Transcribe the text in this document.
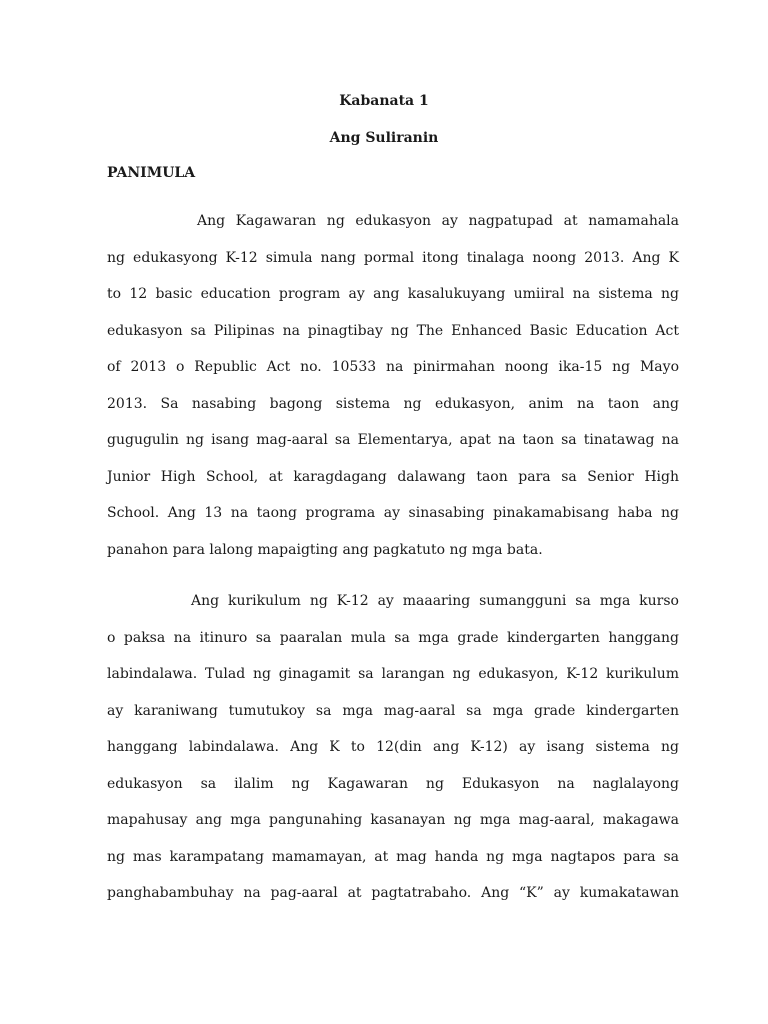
Kabanata 1
Ang Suliranin
PANIMULA
Ang Kagawaran ng edukasyon ay nagpatupad at namamahala
ng edukasyong K-12 simula nang pormal itong tinalaga noong 2013. Ang K
to 12 basic education program ay ang kasalukuyang umiiral na sistema ng
edukasyon sa Pilipinas na pinagtibay ng The Enhanced Basic Education Act
of 2013 o Republic Act no. 10533 na pinirmahan noong ika-15 ng Mayo
2013. Sa nasabing bagong sistema ng edukasyon, anim na taon ang
gugugulin ng isang mag-aaral sa Elementarya, apat na taon sa tinatawag na
Junior High School, at karagdagang dalawang taon para sa Senior High
School. Ang 13 na taong programa ay sinasabing pinakamabisang haba ng
panahon para lalong mapaigting ang pagkatuto ng mga bata.
Ang kurikulum ng K-12 ay maaaring sumangguni sa mga kurso
o paksa na itinuro sa paaralan mula sa mga grade kindergarten hanggang
labindalawa. Tulad ng ginagamit sa larangan ng edukasyon, K-12 kurikulum
ay karaniwang tumutukoy sa mga mag-aaral sa mga grade kindergarten
hanggang labindalawa. Ang K to 12(din ang K-12) ay isang sistema ng
edukasyon sa ilalim ng Kagawaran ng Edukasyon na naglalayong
mapahusay ang mga pangunahing kasanayan ng mga mag-aaral, makagawa
ng mas karampatang mamamayan, at mag handa ng mga nagtapos para sa
panghabambuhay na pag-aaral at pagtatrabaho. Ang “K” ay kumakatawan
